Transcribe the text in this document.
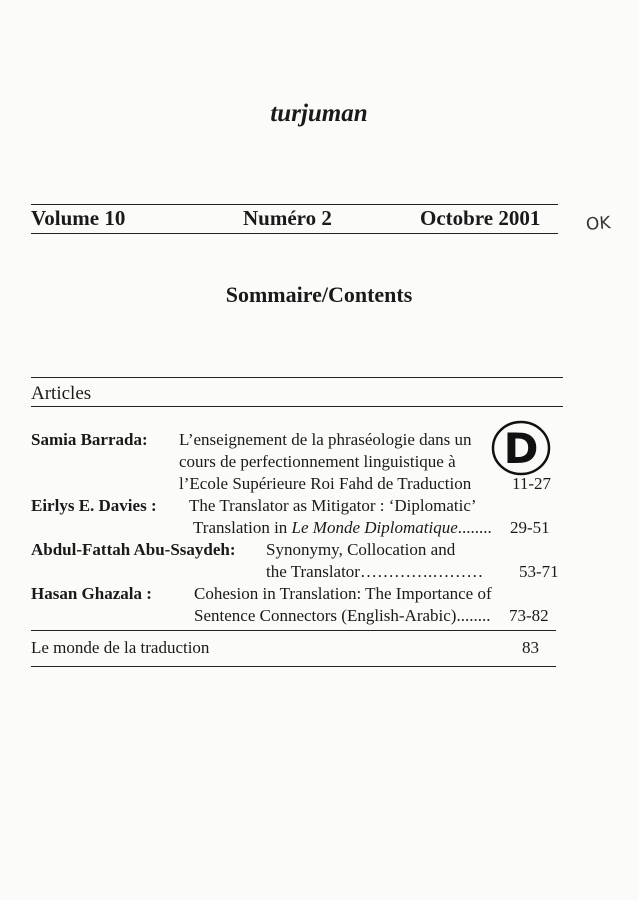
turjuman
Volume 10	Numéro 2	Octobre 2001	OK
Sommaire/Contents
Articles
Samia Barrada: L’enseignement de la phraséologie dans un
cours de perfectionnement linguistique à
l’Ecole Supérieure Roi Fahd de Traduction 11-27
D
Eirlys E. Davies : The Translator as Mitigator : ‘Diplomatic’
Translation in Le Monde Diplomatique........ 29-51
Abdul-Fattah Abu-Ssaydeh: Synonymy, Collocation and
the Translator………….……… 53-71
Hasan Ghazala : Cohesion in Translation: The Importance of
Sentence Connectors (English-Arabic)........ 73-82
Le monde de la traduction	83
